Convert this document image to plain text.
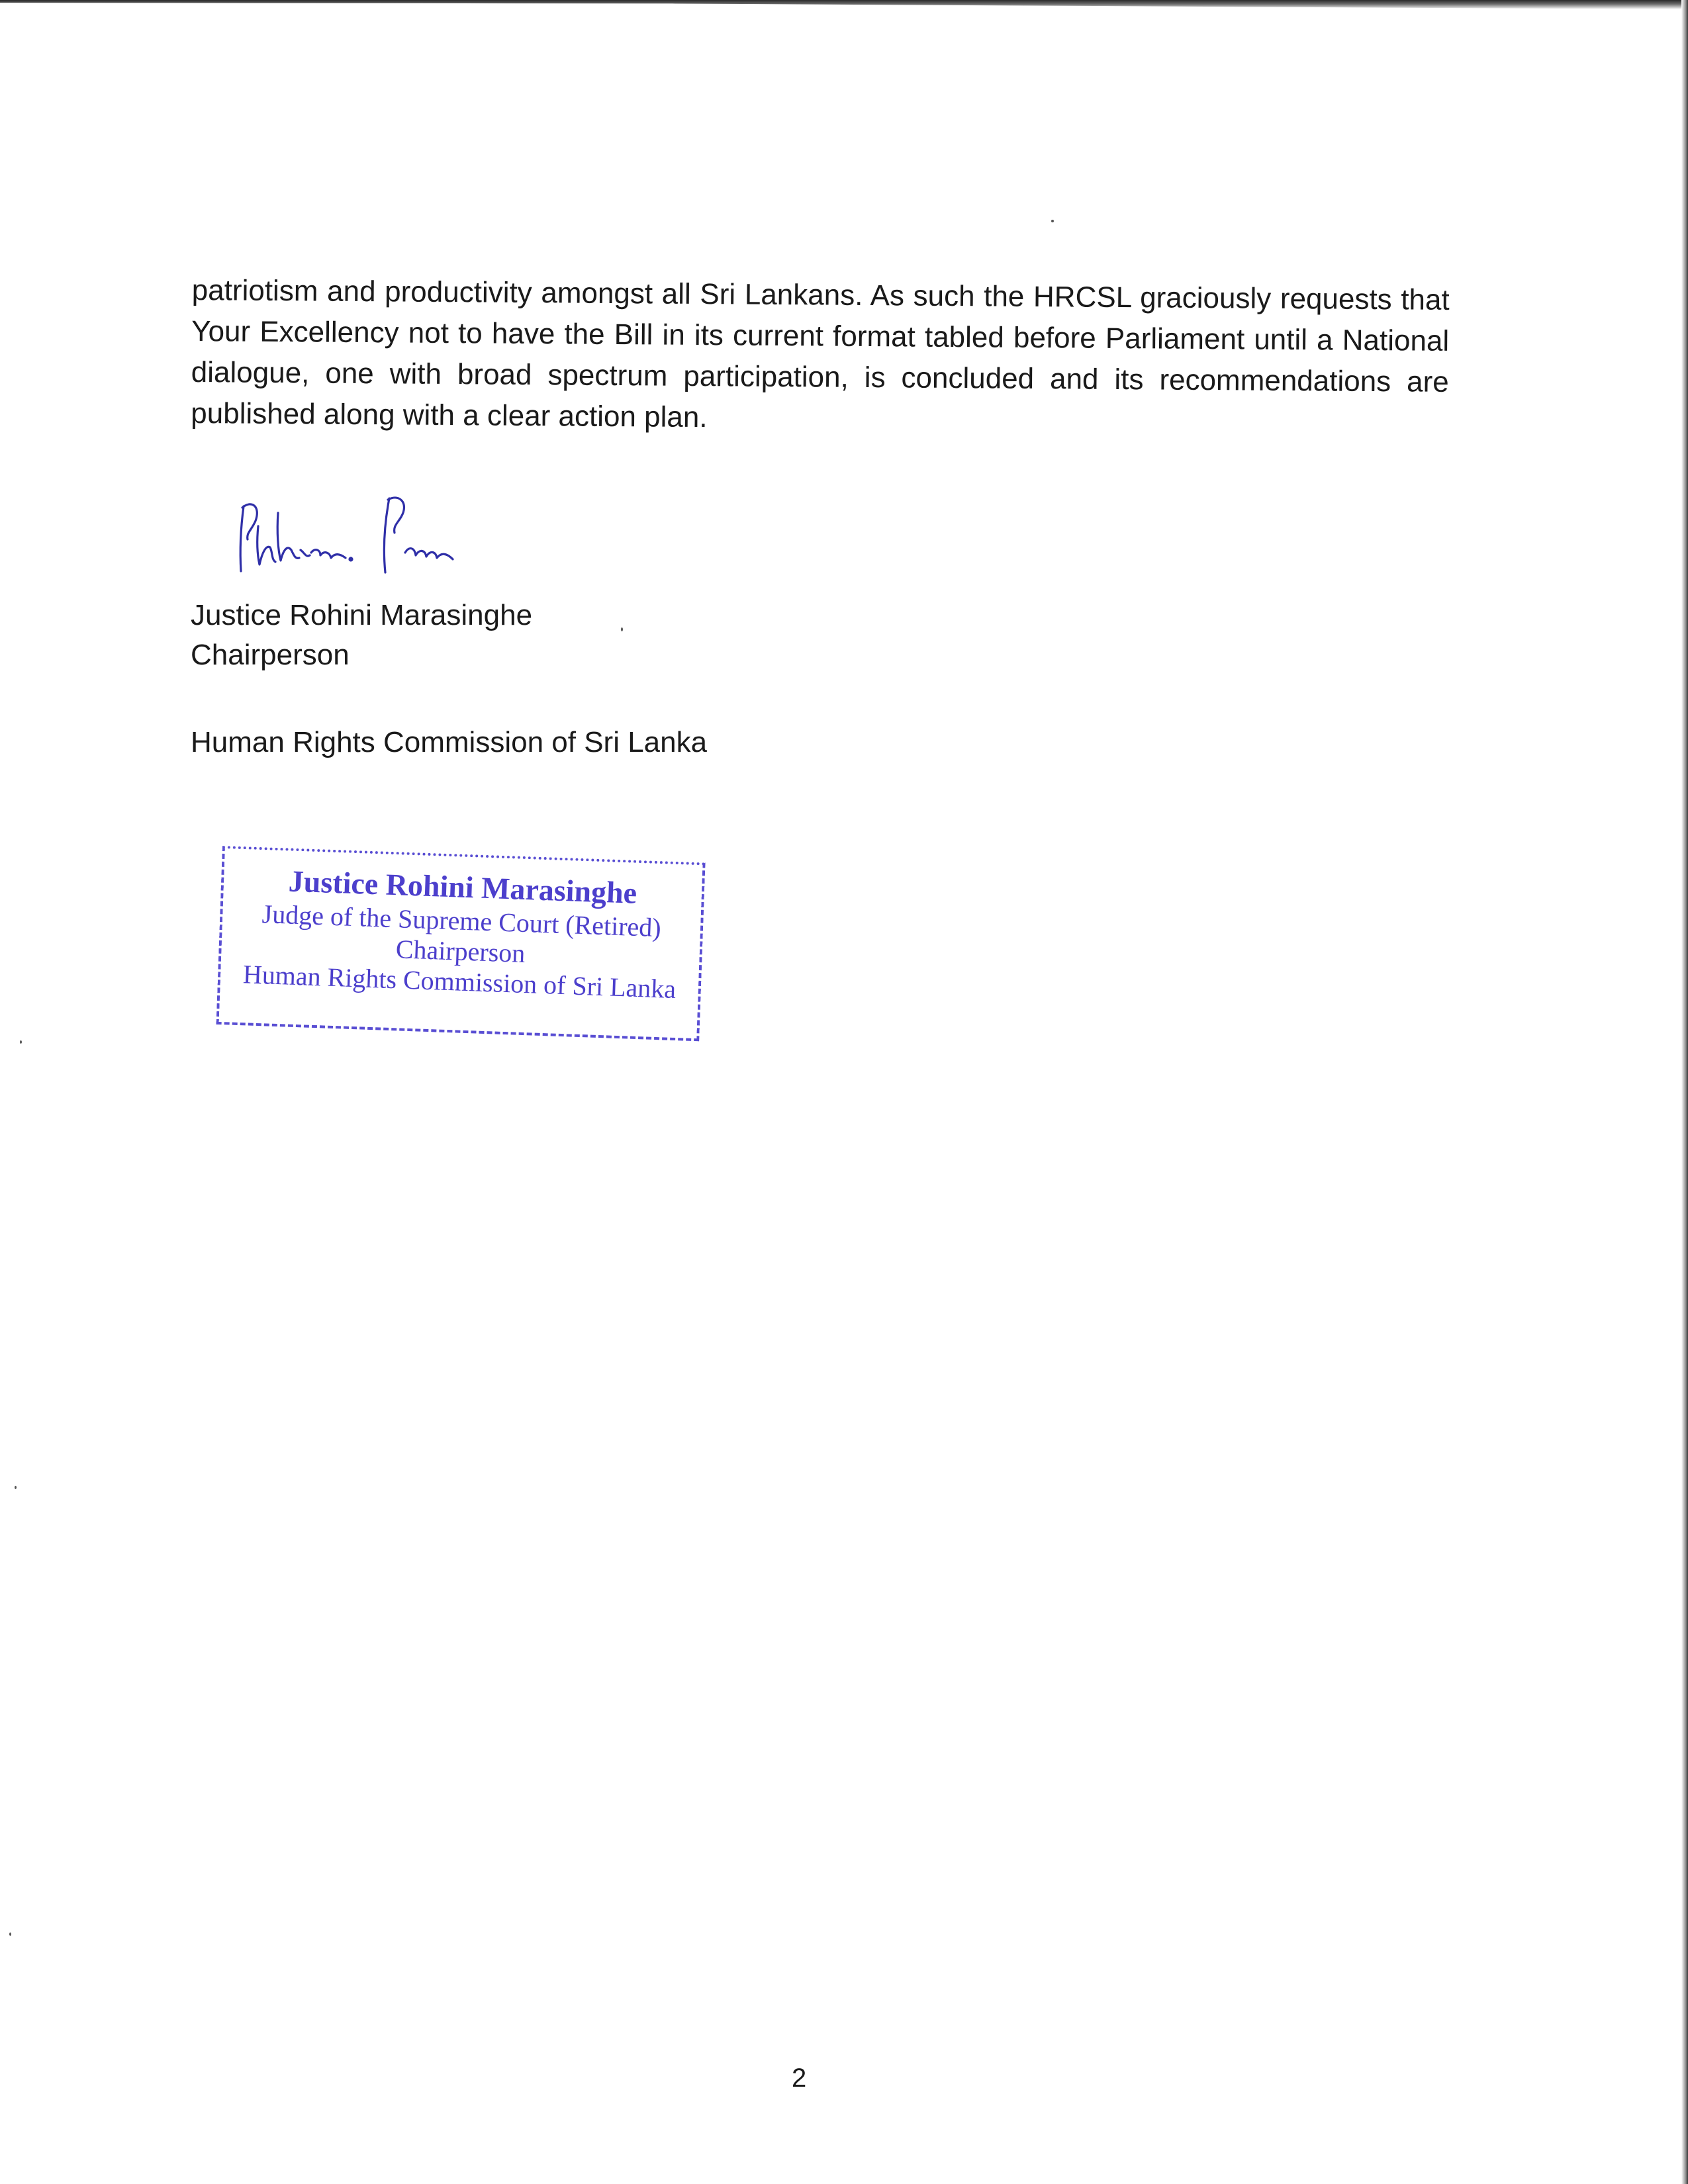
patriotism and productivity amongst all Sri Lankans. As such the HRCSL graciously requests that Your Excellency not to have the Bill in its current format tabled before Parliament until a National dialogue, one with broad spectrum participation, is concluded and its recommendations are published along with a clear action plan.

Justice Rohini Marasinghe
Chairperson
Human Rights Commission of Sri Lanka
Justice Rohini Marasinghe
Judge of the Supreme Court (Retired)
Chairperson
Human Rights Commission of Sri Lanka
2
